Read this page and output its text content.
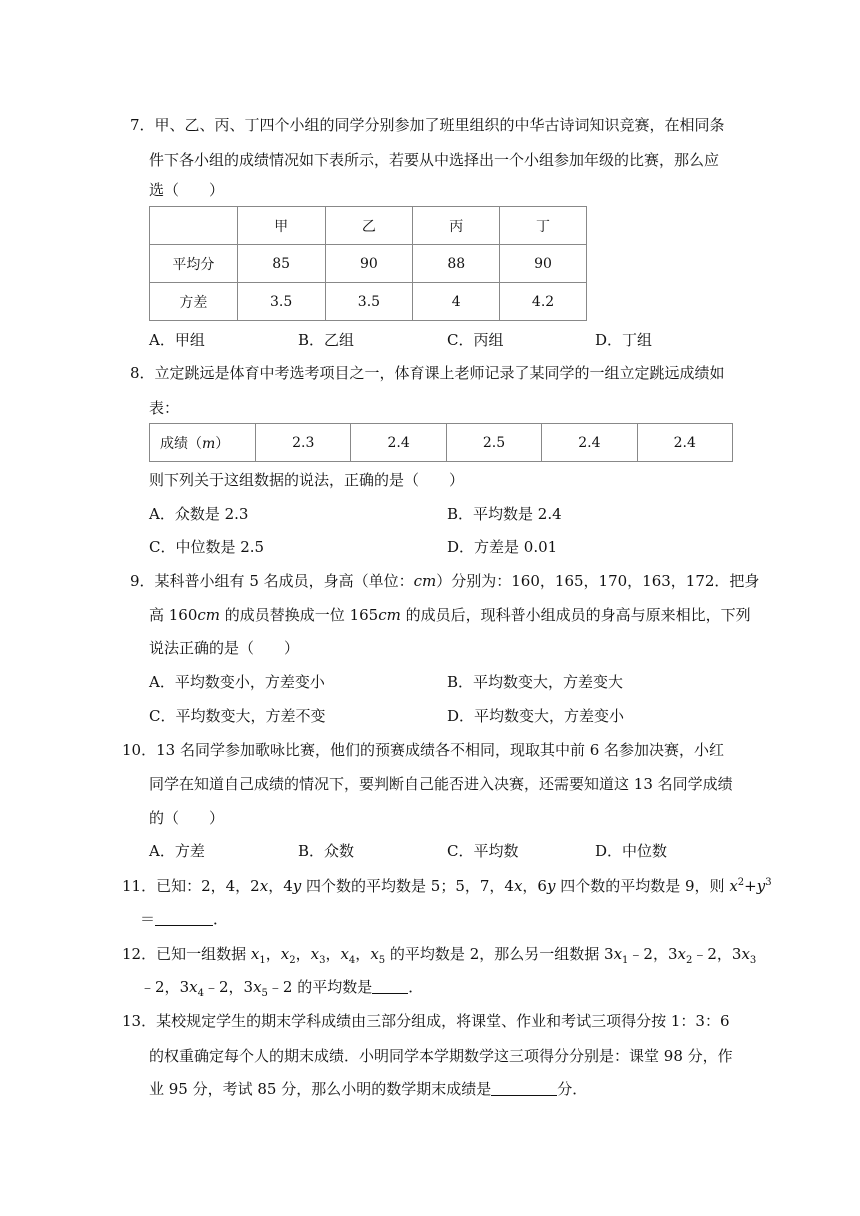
7．甲、乙、丙、丁四个小组的同学分别参加了班里组织的中华古诗词知识竞赛，在相同条
件下各小组的成绩情况如下表所示，若要从中选择出一个小组参加年级的比赛，那么应
选（　　）
	甲	乙	丙	丁
平均分	85	90	88	90
方差	3.5	3.5	4	4.2
A．甲组	B．乙组	C．丙组	D．丁组
8．立定跳远是体育中考选考项目之一，体育课上老师记录了某同学的一组立定跳远成绩如
表：
成绩（m）	2.3	2.4	2.5	2.4	2.4
则下列关于这组数据的说法，正确的是（　　）
A．众数是 2.3	B．平均数是 2.4
C．中位数是 2.5	D．方差是 0.01
9．某科普小组有 5 名成员，身高（单位：cm）分别为：160，165，170，163，172．把身
高 160cm 的成员替换成一位 165cm 的成员后，现科普小组成员的身高与原来相比，下列
说法正确的是（　　）
A．平均数变小，方差变小	B．平均数变大，方差变大
C．平均数变大，方差不变	D．平均数变大，方差变小
10．13 名同学参加歌咏比赛，他们的预赛成绩各不相同，现取其中前 6 名参加决赛，小红
同学在知道自己成绩的情况下，要判断自己能否进入决赛，还需要知道这 13 名同学成绩
的（　　）
A．方差	B．众数	C．平均数	D．中位数
11．已知：2，4，2x，4y 四个数的平均数是 5；5，7，4x，6y 四个数的平均数是 9，则 $x^2+y^3$
＝	．
12．已知一组数据 $x_1$，$x_2$，$x_3$，$x_4$，$x_5$ 的平均数是 2，那么另一组数据 $3x_1﹣2$，$3x_2﹣2$，$3x_3$
﹣2，$3x_4﹣2$，$3x_5﹣2$ 的平均数是 ．
13．某校规定学生的期末学科成绩由三部分组成，将课堂、作业和考试三项得分按 1：3：6
的权重确定每个人的期末成绩．小明同学本学期数学这三项得分分别是：课堂 98 分，作
业 95 分，考试 85 分，那么小明的数学期末成绩是	分．
